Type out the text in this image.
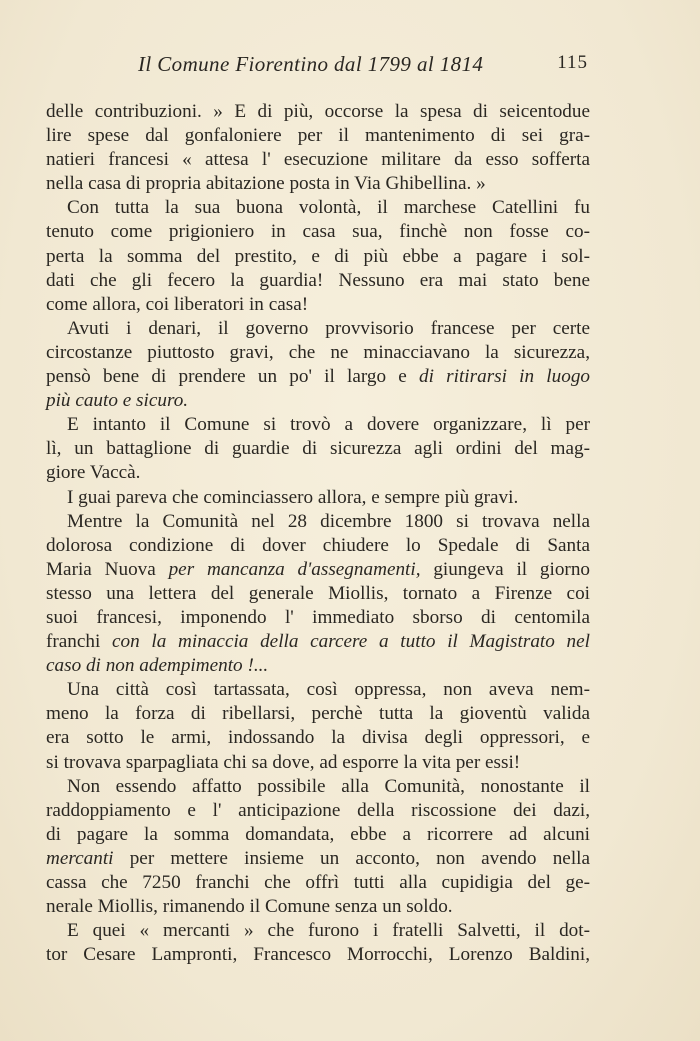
Il Comune Fiorentino dal 1799 al 1814	115
delle contribuzioni. » E di più, occorse la spesa di seicentodue
lire spese dal gonfaloniere per il mantenimento di sei gra-
natieri francesi « attesa l' esecuzione militare da esso sofferta
nella casa di propria abitazione posta in Via Ghibellina. »
Con tutta la sua buona volontà, il marchese Catellini fu
tenuto come prigioniero in casa sua, finchè non fosse co-
perta la somma del prestito, e di più ebbe a pagare i sol-
dati che gli fecero la guardia! Nessuno era mai stato bene
come allora, coi liberatori in casa!
Avuti i denari, il governo provvisorio francese per certe
circostanze piuttosto gravi, che ne minacciavano la sicurezza,
pensò bene di prendere un po' il largo e di ritirarsi in luogo
più cauto e sicuro.
E intanto il Comune si trovò a dovere organizzare, lì per
lì, un battaglione di guardie di sicurezza agli ordini del mag-
giore Vaccà.
I guai pareva che cominciassero allora, e sempre più gravi.
Mentre la Comunità nel 28 dicembre 1800 si trovava nella
dolorosa condizione di dover chiudere lo Spedale di Santa
Maria Nuova per mancanza d'assegnamenti, giungeva il giorno
stesso una lettera del generale Miollis, tornato a Firenze coi
suoi francesi, imponendo l' immediato sborso di centomila
franchi con la minaccia della carcere a tutto il Magistrato nel
caso di non adempimento !...
Una città così tartassata, così oppressa, non aveva nem-
meno la forza di ribellarsi, perchè tutta la gioventù valida
era sotto le armi, indossando la divisa degli oppressori, e
si trovava sparpagliata chi sa dove, ad esporre la vita per essi!
Non essendo affatto possibile alla Comunità, nonostante il
raddoppiamento e l' anticipazione della riscossione dei dazi,
di pagare la somma domandata, ebbe a ricorrere ad alcuni
mercanti per mettere insieme un acconto, non avendo nella
cassa che 7250 franchi che offrì tutti alla cupidigia del ge-
nerale Miollis, rimanendo il Comune senza un soldo.
E quei « mercanti » che furono i fratelli Salvetti, il dot-
tor Cesare Lampronti, Francesco Morrocchi, Lorenzo Baldini,
